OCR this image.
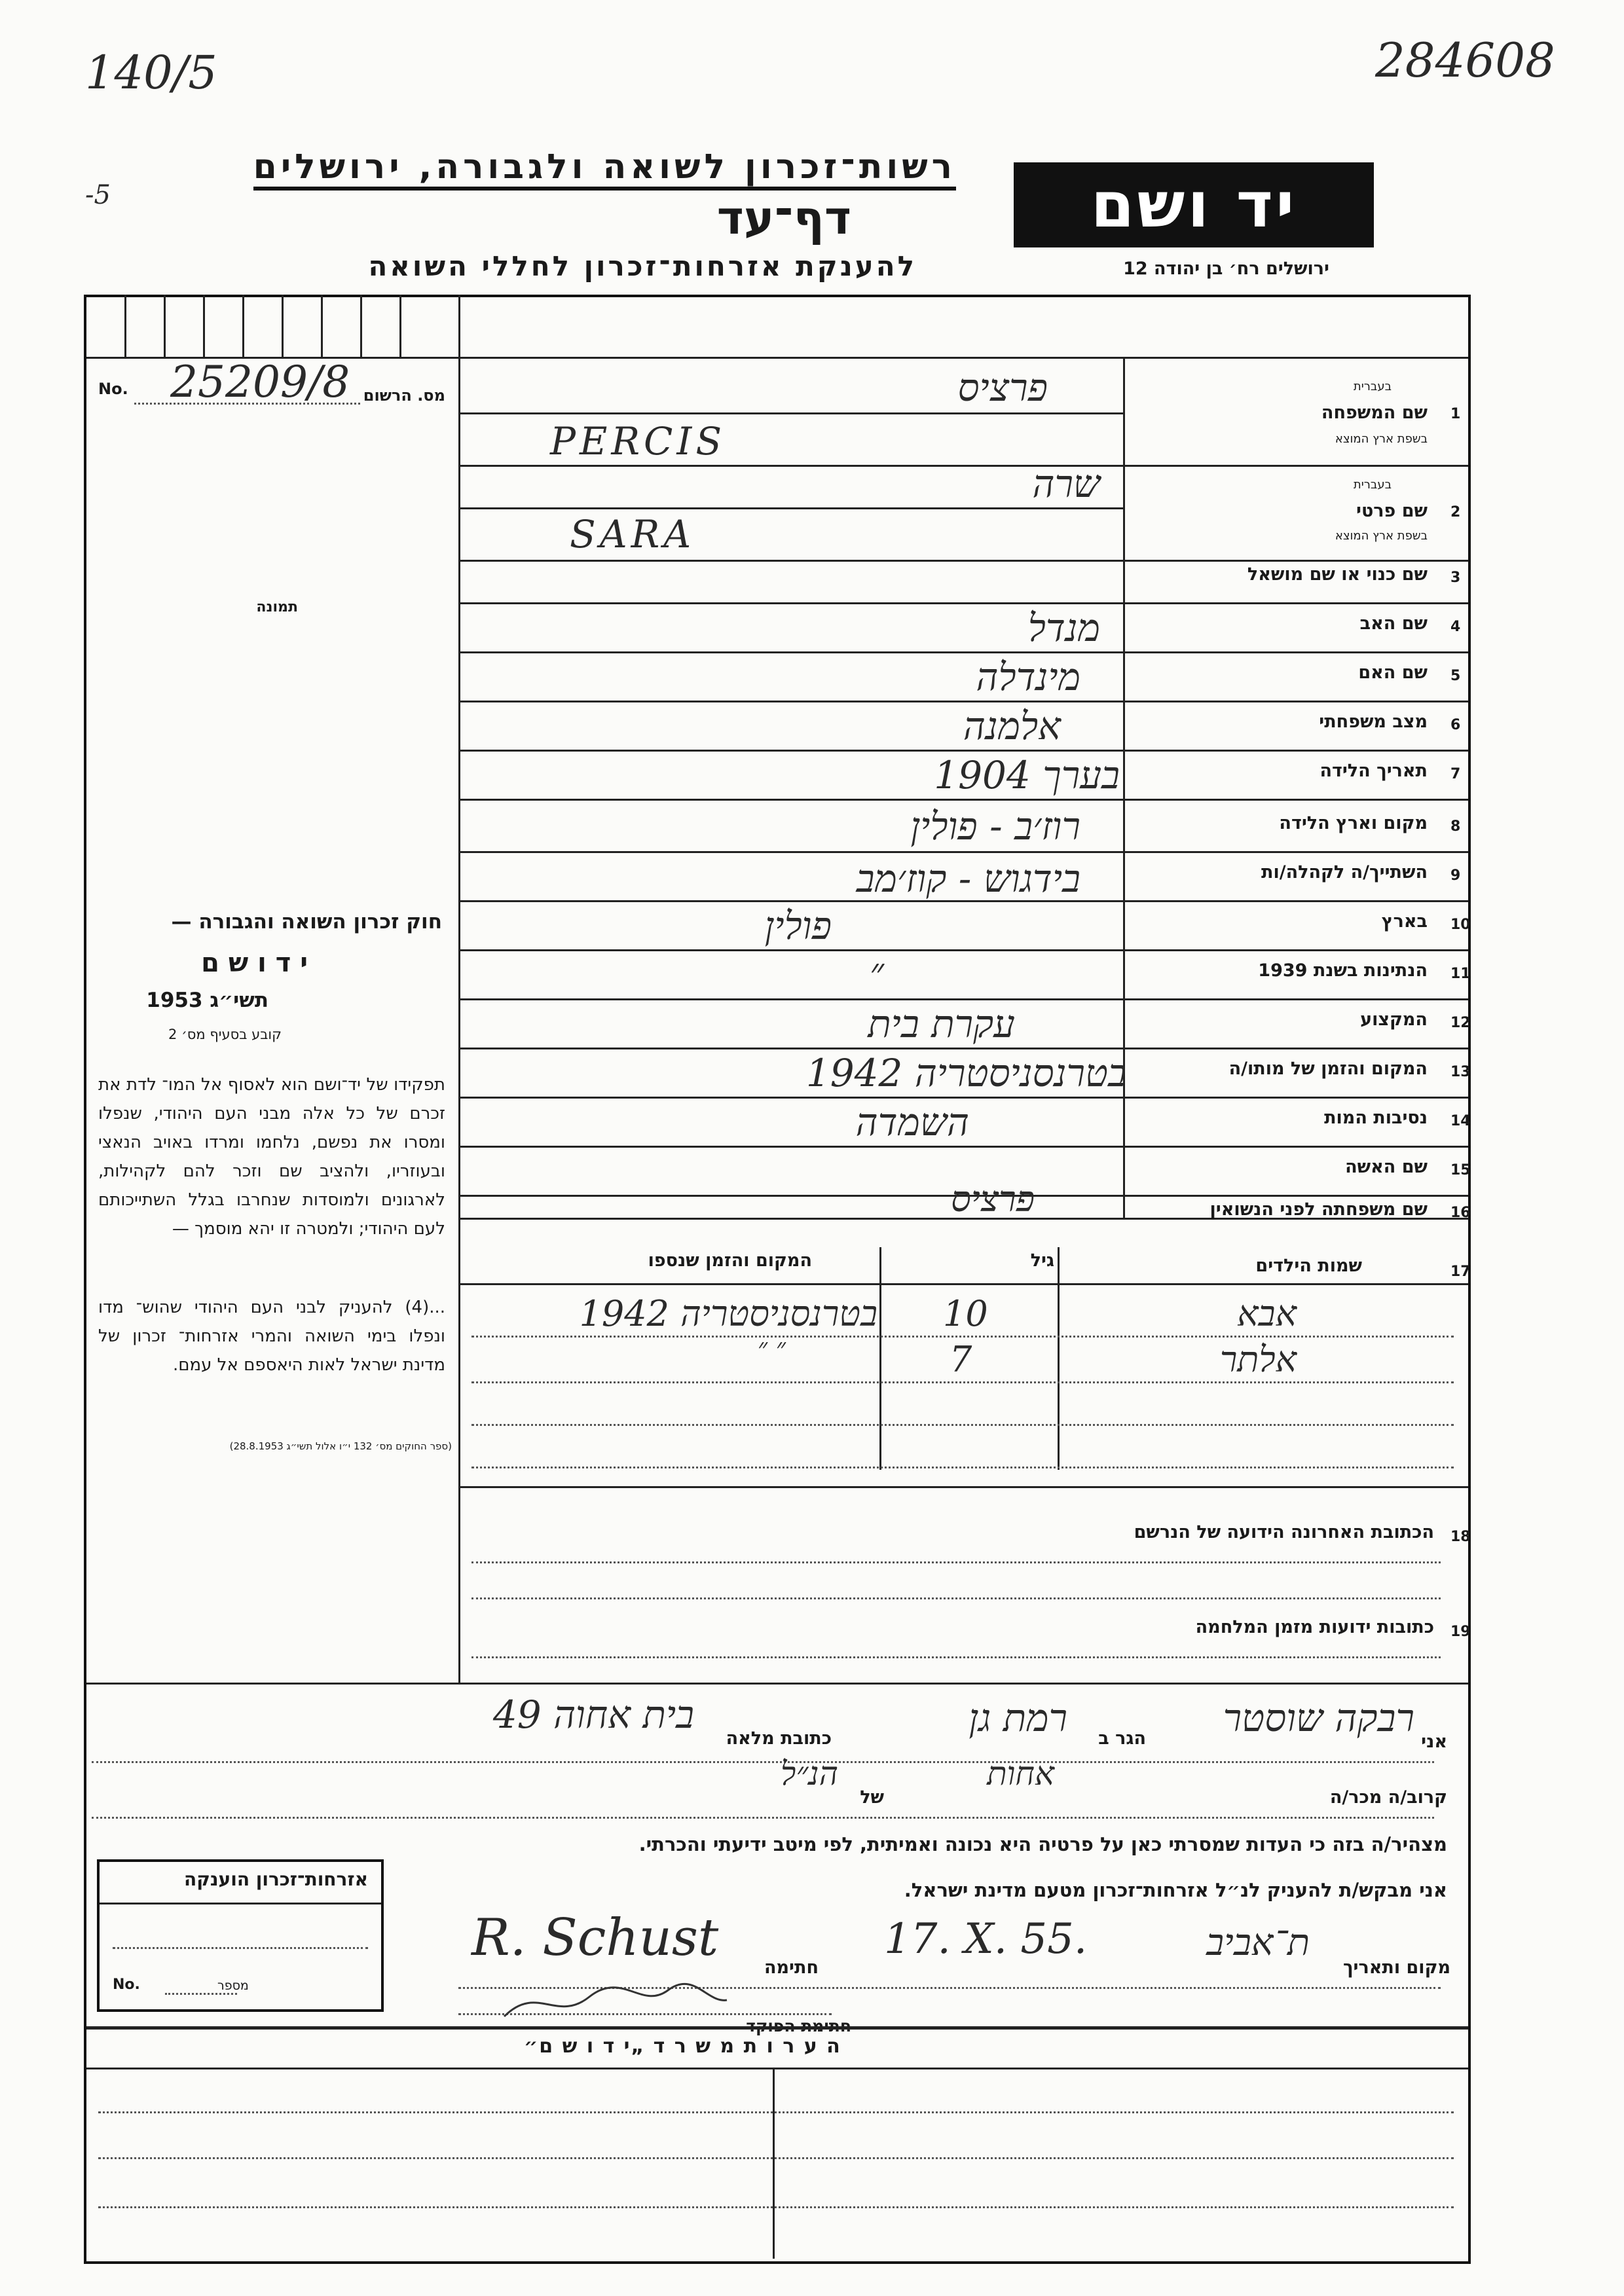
140/5
-5
284608
רשות־זכרון לשואה ולגבורה, ירושלים
דף־עד
להענקת אזרחות־זכרון לחללי השואה
יד ושם
ירושלים רח׳ בן יהודה 12
No. 25209/8 מס. הרשום
תמונה
חוק זכרון השואה והגבורה —
י ד ו ש ם
תשי״ג 1953
קובע בסעיף מס׳ 2
תפקידו של יד־ושם הוא לאסוף אל המו־ לדת את זכרם של כל אלה מבני העם היהודי, שנפלו ומסרו את נפשם, נלחמו ומרדו באויב הנאצי ובעוזריו, ולהציב שם וזכר להם לקהילות, לארגונים ולמוסדות שנחרבו בגלל השתייכותם לעם היהודי; ולמטרה זו יהא מוסמך —
...(4) להעניק לבני העם היהודי שהוש־ מדו ונפלו בימי השואה והמרי אזרחות־ זכרון של מדינת ישראל לאות היאספם אל עמם.
(ספר החוקים מס׳ 132 י״ו אלול תשי״ג 28.8.1953)
1
שם המשפחה
בעברית
בשפת ארץ המוצא
פרציס
PERCIS
2
שם פרטי
בעברית
בשפת ארץ המוצא
שרה
SARA
3
שם כנוי או שם מושאל
4
שם האב
מנדל
5
שם האם
מינדלה
6
מצב משפחתי
אלמנה
7
תאריך הלידה
בערך 1904
8
מקום וארץ הלידה
רוז׳ב - פולין
9
השתייך/ה לקהלה/ות
בידגוש - קוז׳מב
10
בארץ
פולין
11
הנתינות בשנת 1939
״
12
המקצוע
עקרת בית
13
המקום והזמן של מותו/ה
בטרנסניסטריה 1942
14
נסיבות המות
השמדה
15
שם האשה
16
שם משפחתה לפני הנשואין
פרציס
17
שמות הילדים
גיל
המקום והזמן שנספו
אבא
10
בטרנסניסטריה 1942
אלתר
7
״ ״
18
הכתובת האחרונה הידועה של הנרשם
19
כתובות ידועות מזמן המלחמה
אני
רבקה שוסטר
הגר ב
רמת גן
כתובת מלאה
בית אחוה 49
קרוב/ה מכר/ה
אחות
של
הנ״ל
מצהיר/ה בזה כי העדות שמסרתי כאן על פרטיה היא נכונה ואמיתית, לפי מיטב ידיעתי והכרתי.
אני מבקש/ת להעניק לנ״ל אזרחות־זכרון מטעם מדינת ישראל.
מקום ותאריך
ת־אביב
17. X. 55.
חתימה
R. Schust
אזרחות־זכרון הוענקה
No.	מספר
ה ע ר ו ת מ ש ר ד „י ד ו ש ם״
